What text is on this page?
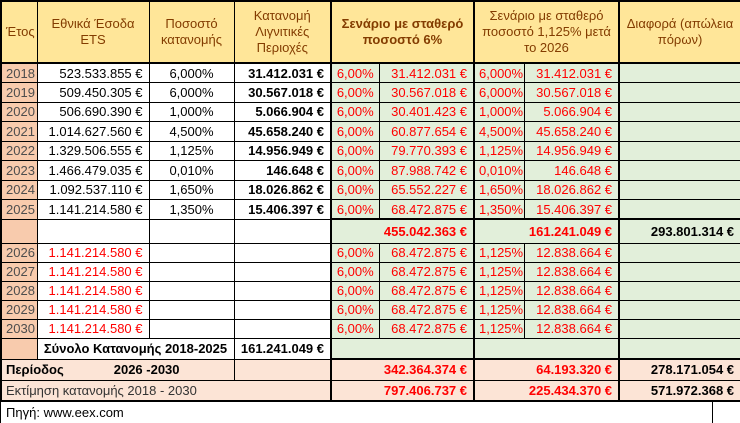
Έτος	Εθνικά Έσοδα ETS	Ποσοστό κατανομής	Κατανομή Λιγνιτικές Περιοχές	Σενάριο με σταθερό ποσοστό 6%		Σενάριο με σταθερό ποσοστό 1,125% μετά το 2026		Διαφορά (απώλεια πόρων)
2018	523.533.855 €	6,000%	31.412.031 €	6,00%	31.412.031 €	6,000%	31.412.031 €	
2019	509.450.305 €	6,000%	30.567.018 €	6,00%	30.567.018 €	6,000%	30.567.018 €	
2020	506.690.390 €	1,000%	5.066.904 €	6,00%	30.401.423 €	1,000%	5.066.904 €	
2021	1.014.627.560 €	4,500%	45.658.240 €	6,00%	60.877.654 €	4,500%	45.658.240 €	
2022	1.329.506.555 €	1,125%	14.956.949 €	6,00%	79.770.393 €	1,125%	14.956.949 €	
2023	1.466.479.035 €	0,010%	146.648 €	6,00%	87.988.742 €	0,010%	146.648 €	
2024	1.092.537.110 €	1,650%	18.026.862 €	6,00%	65.552.227 €	1,650%	18.026.862 €	
2025	1.141.214.580 €	1,350%	15.406.397 €	6,00%	68.472.875 €	1,350%	15.406.397 €	
				455.042.363 €		161.241.049 €		293.801.314 €
2026	1.141.214.580 €			6,00%	68.472.875 €	1,125%	12.838.664 €	
2027	1.141.214.580 €			6,00%	68.472.875 €	1,125%	12.838.664 €	
2028	1.141.214.580 €			6,00%	68.472.875 €	1,125%	12.838.664 €	
2029	1.141.214.580 €			6,00%	68.472.875 €	1,125%	12.838.664 €	
2030	1.141.214.580 €			6,00%	68.472.875 €	1,125%	12.838.664 €	
	Σύνολο Κατανομής 2018-2025		161.241.049 €					

Περίοδος 2026 -2030				342.364.374 €		64.193.320 €		278.171.054 €
Εκτίμηση κατανομής 2018 - 2030				797.406.737 €		225.434.370 €		571.972.368 €
Πηγή: www.eex.com
